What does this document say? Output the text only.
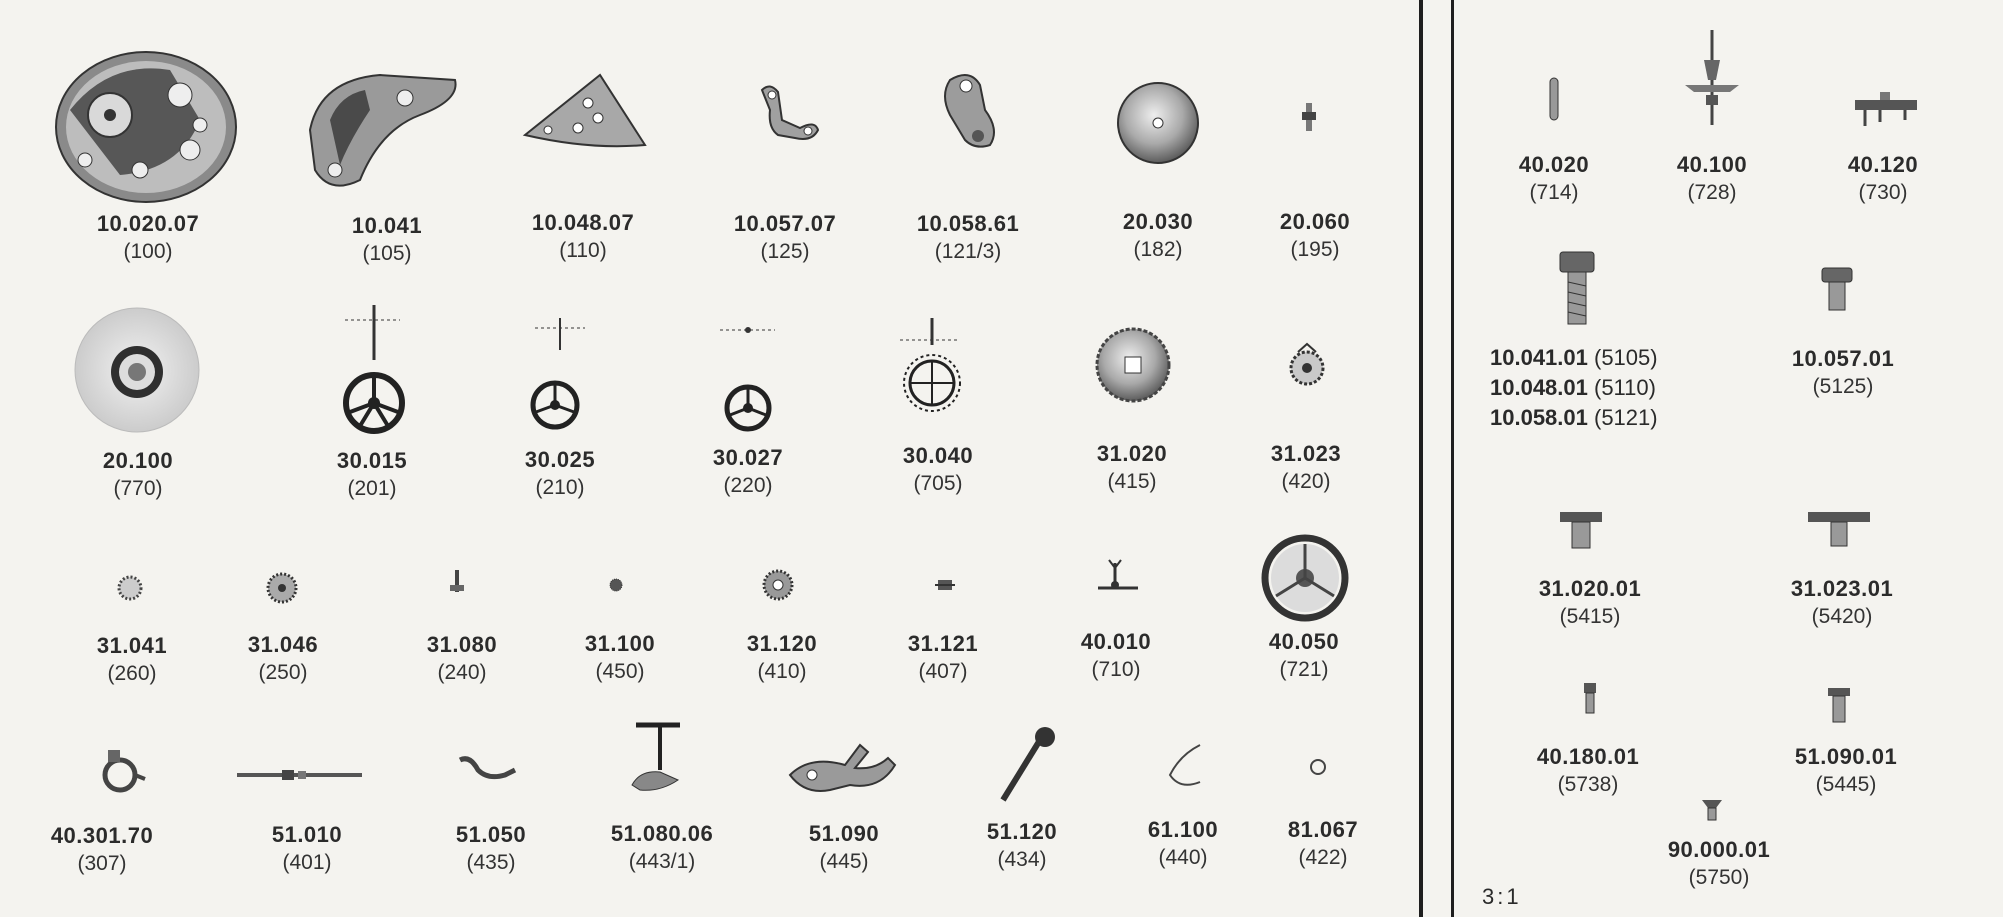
10.020.07
(100)
10.041
(105)
10.048.07
(110)
10.057.07
(125)
10.058.61
(121/3)
20.030
(182)
20.060
(195)
20.100
(770)
30.015
(201)
30.025
(210)
30.027
(220)
30.040
(705)
31.020
(415)
31.023
(420)
31.041
(260)
31.046
(250)
31.080
(240)
31.100
(450)
31.120
(410)
31.121
(407)
40.010
(710)
40.050
(721)
40.301.70
(307)
51.010
(401)
51.050
(435)
51.080.06
(443/1)
51.090
(445)
51.120
(434)
61.100
(440)
81.067
(422)
40.020
(714)
40.100
(728)
40.120
(730)
10.041.01 (5105)
10.048.01 (5110)
10.058.01 (5121)
10.057.01
(5125)
31.020.01
(5415)
31.023.01
(5420)
40.180.01
(5738)
51.090.01
(5445)
90.000.01
(5750)
3:1
